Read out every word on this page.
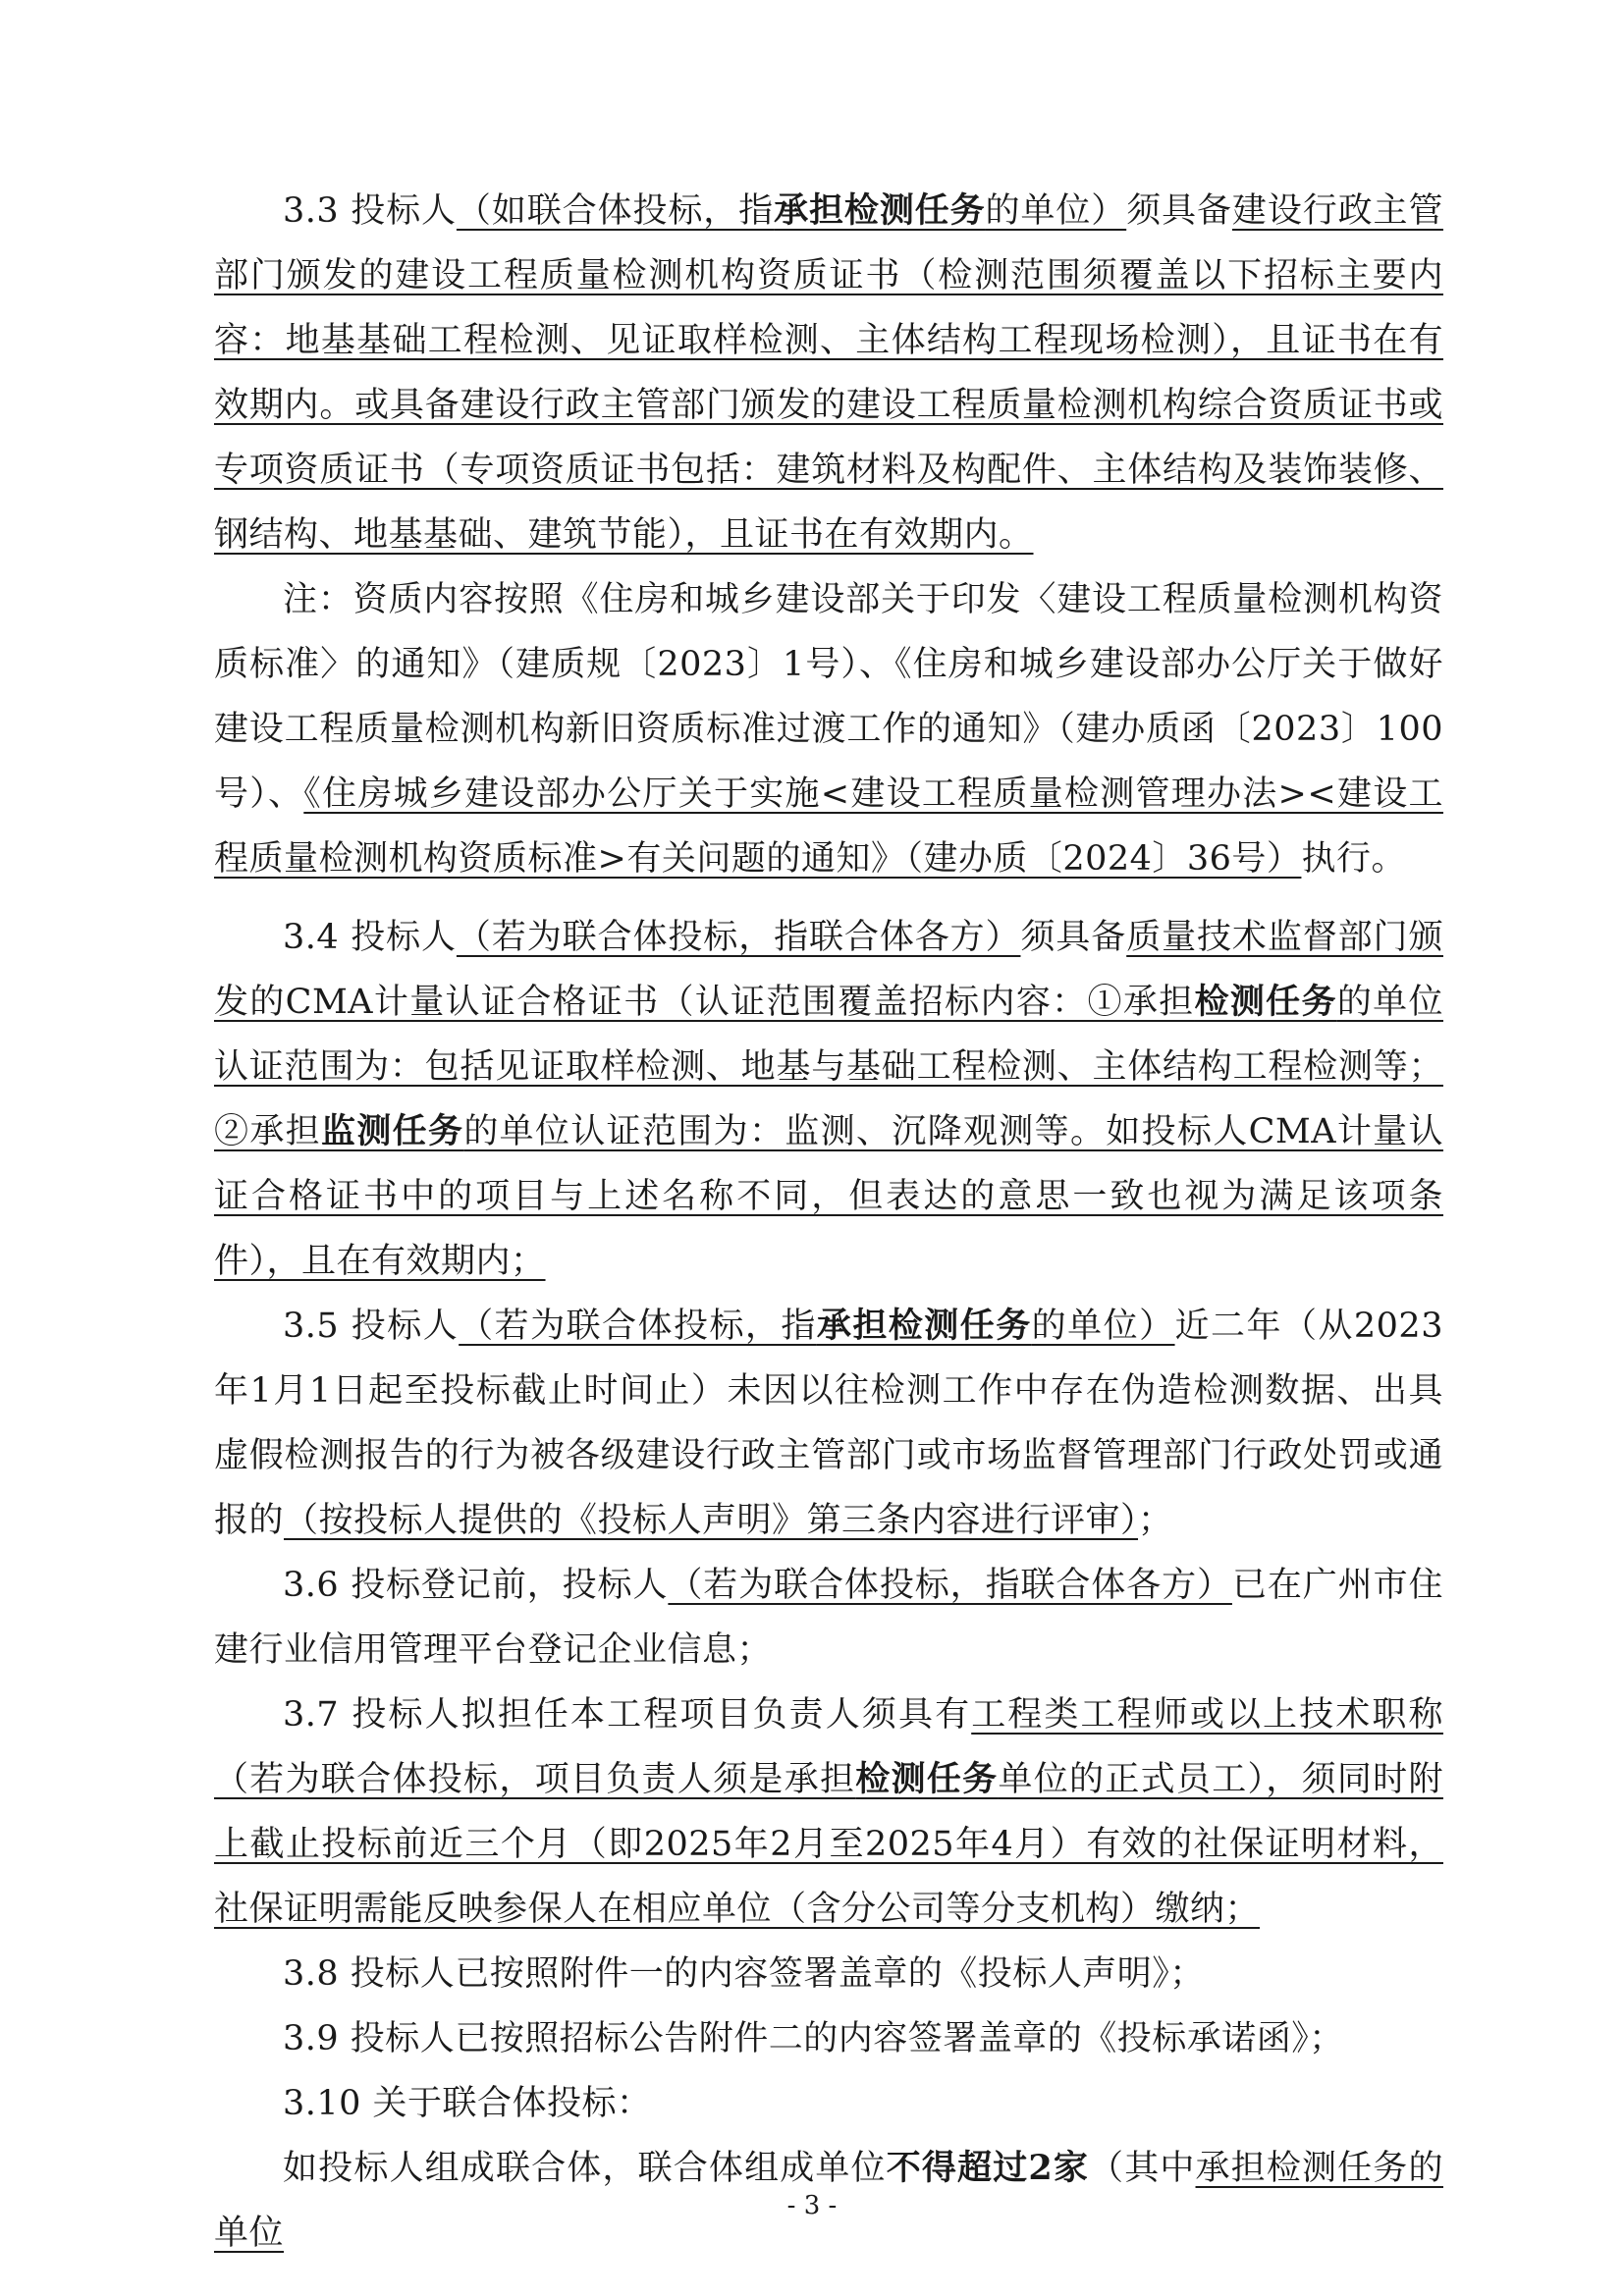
3.3 投标人（如联合体投标，指承担检测任务的单位）须具备建设行政主管部门颁发的建设工程质量检测机构资质证书（检测范围须覆盖以下招标主要内容：地基基础工程检测、见证取样检测、主体结构工程现场检测），且证书在有效期内。或具备建设行政主管部门颁发的建设工程质量检测机构综合资质证书或专项资质证书（专项资质证书包括：建筑材料及构配件、主体结构及装饰装修、钢结构、地基基础、建筑节能），且证书在有效期内。

注：资质内容按照《住房和城乡建设部关于印发〈建设工程质量检测机构资质标准〉的通知》（建质规〔2023〕1号）、《住房和城乡建设部办公厅关于做好建设工程质量检测机构新旧资质标准过渡工作的通知》（建办质函〔2023〕100号）、《住房城乡建设部办公厅关于实施<建设工程质量检测管理办法><建设工程质量检测机构资质标准>有关问题的通知》（建办质〔2024〕36号）执行。

3.4 投标人（若为联合体投标，指联合体各方）须具备质量技术监督部门颁发的CMA计量认证合格证书（认证范围覆盖招标内容：①承担检测任务的单位认证范围为：包括见证取样检测、地基与基础工程检测、主体结构工程检测等；②承担监测任务的单位认证范围为：监测、沉降观测等。如投标人CMA计量认证合格证书中的项目与上述名称不同，但表达的意思一致也视为满足该项条件），且在有效期内；

3.5 投标人（若为联合体投标，指承担检测任务的单位）近二年（从2023年1月1日起至投标截止时间止）未因以往检测工作中存在伪造检测数据、出具虚假检测报告的行为被各级建设行政主管部门或市场监督管理部门行政处罚或通报的（按投标人提供的《投标人声明》第三条内容进行评审）；

3.6 投标登记前，投标人（若为联合体投标，指联合体各方）已在广州市住建行业信用管理平台登记企业信息；

3.7 投标人拟担任本工程项目负责人须具有工程类工程师或以上技术职称（若为联合体投标，项目负责人须是承担检测任务单位的正式员工），须同时附上截止投标前近三个月（即2025年2月至2025年4月）有效的社保证明材料，社保证明需能反映参保人在相应单位（含分公司等分支机构）缴纳；

3.8 投标人已按照附件一的内容签署盖章的《投标人声明》；

3.9 投标人已按照招标公告附件二的内容签署盖章的《投标承诺函》；

3.10 关于联合体投标：

如投标人组成联合体，联合体组成单位不得超过2家（其中承担检测任务的单位

- 3 -
